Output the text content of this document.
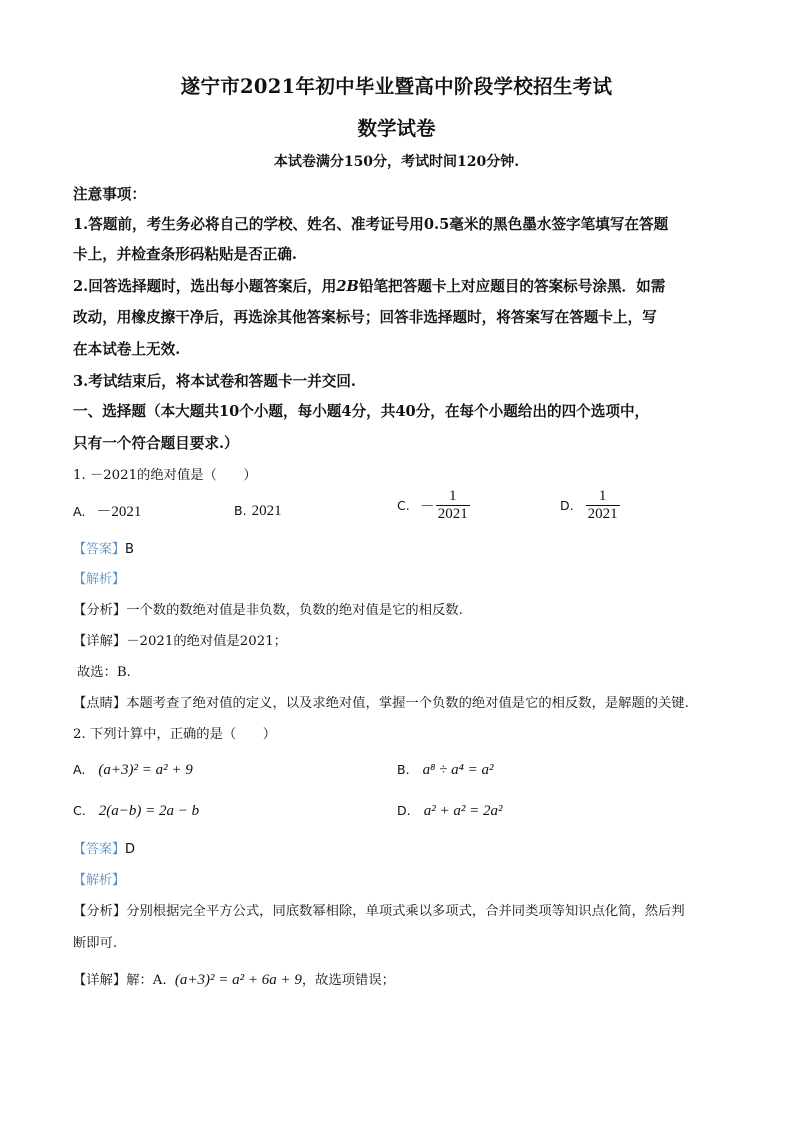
遂宁市2021年初中毕业暨高中阶段学校招生考试
数学试卷
本试卷满分150分，考试时间120分钟.
注意事项：
1.答题前，考生务必将自己的学校、姓名、准考证号用0.5毫米的黑色墨水签字笔填写在答题
卡上，并检查条形码粘贴是否正确.
2.回答选择题时，选出每小题答案后，用2B铅笔把答题卡上对应题目的答案标号涂黑．如需
改动，用橡皮擦干净后，再选涂其他答案标号；回答非选择题时，将答案写在答题卡上，写
在本试卷上无效.
3.考试结束后，将本试卷和答题卡一并交回.
一、选择题（本大题共10个小题，每小题4分，共40分，在每个小题给出的四个选项中，
只有一个符合题目要求.）
1. －2021的绝对值是（　　）
A. －2021	B. 2021	C. － $\frac{1}{2021}$	D. $\frac{1}{2021}$
【答案】B
【解析】
【分析】一个数的数绝对值是非负数，负数的绝对值是它的相反数.
【详解】－2021的绝对值是2021；
故选：B.
【点睛】本题考查了绝对值的定义，以及求绝对值，掌握一个负数的绝对值是它的相反数，是解题的关键.
2. 下列计算中，正确的是（　　）
A. (a+3)² = a² + 9	B. a⁸ ÷ a⁴ = a²
C. 2(a−b) = 2a − b	D. a² + a² = 2a²
【答案】D
【解析】
【分析】分别根据完全平方公式，同底数幂相除，单项式乘以多项式，合并同类项等知识点化简，然后判
断即可.
【详解】解：A. (a+3)² = a² + 6a + 9，故选项错误；
